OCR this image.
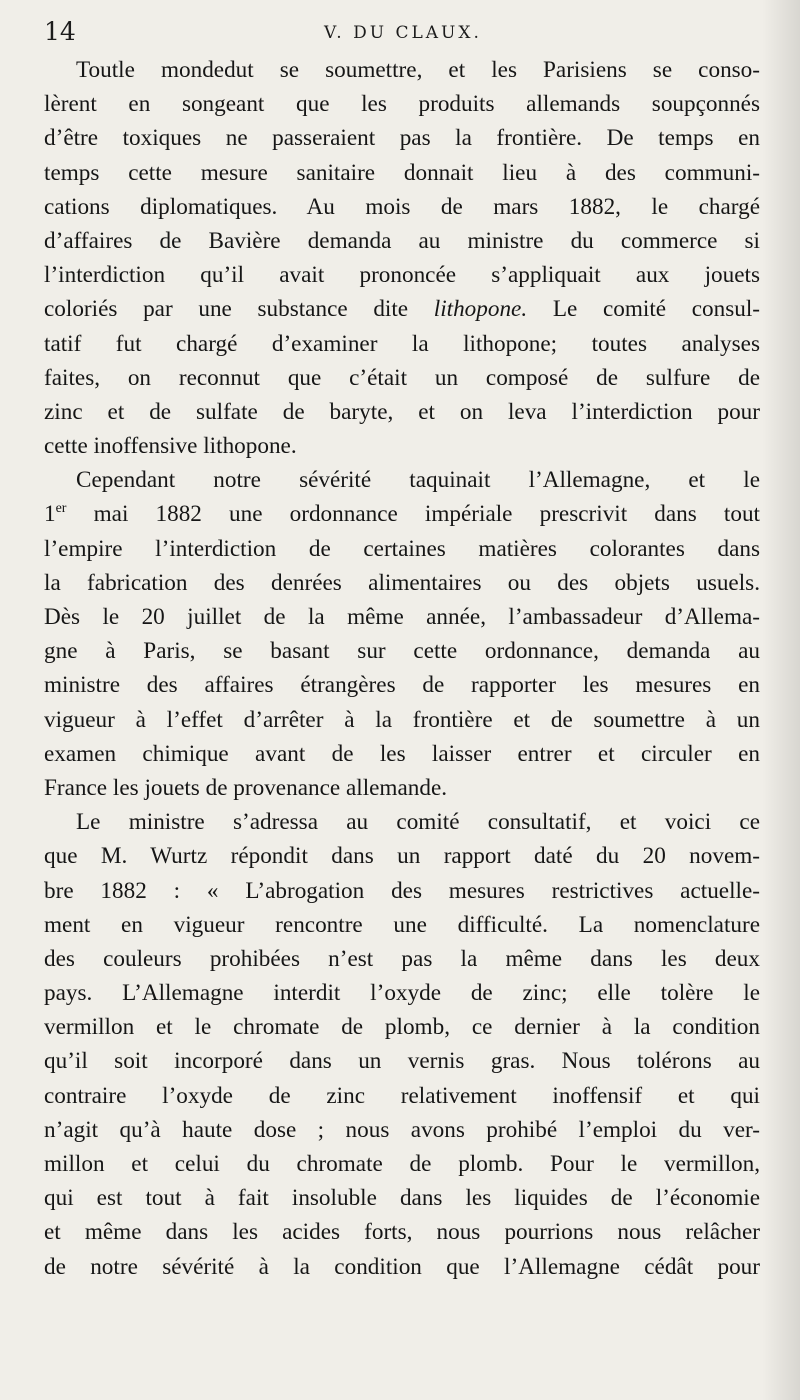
14	V. DU CLAUX.
Toutle mondedut se soumettre, et les Parisiens se conso-
lèrent en songeant que les produits allemands soupçonnés
d’être toxiques ne passeraient pas la frontière. De temps en
temps cette mesure sanitaire donnait lieu à des communi-
cations diplomatiques. Au mois de mars 1882, le chargé
d’affaires de Bavière demanda au ministre du commerce si
l’interdiction qu’il avait prononcée s’appliquait aux jouets
coloriés par une substance dite lithopone. Le comité consul-
tatif fut chargé d’examiner la lithopone; toutes analyses
faites, on reconnut que c’était un composé de sulfure de
zinc et de sulfate de baryte, et on leva l’interdiction pour
cette inoffensive lithopone.
Cependant notre sévérité taquinait l’Allemagne, et le
1er mai 1882 une ordonnance impériale prescrivit dans tout
l’empire l’interdiction de certaines matières colorantes dans
la fabrication des denrées alimentaires ou des objets usuels.
Dès le 20 juillet de la même année, l’ambassadeur d’Allema-
gne à Paris, se basant sur cette ordonnance, demanda au
ministre des affaires étrangères de rapporter les mesures en
vigueur à l’effet d’arrêter à la frontière et de soumettre à un
examen chimique avant de les laisser entrer et circuler en
France les jouets de provenance allemande.
Le ministre s’adressa au comité consultatif, et voici ce
que M. Wurtz répondit dans un rapport daté du 20 novem-
bre 1882 : « L’abrogation des mesures restrictives actuelle-
ment en vigueur rencontre une difficulté. La nomenclature
des couleurs prohibées n’est pas la même dans les deux
pays. L’Allemagne interdit l’oxyde de zinc; elle tolère le
vermillon et le chromate de plomb, ce dernier à la condition
qu’il soit incorporé dans un vernis gras. Nous tolérons au
contraire l’oxyde de zinc relativement inoffensif et qui
n’agit qu’à haute dose ; nous avons prohibé l’emploi du ver-
millon et celui du chromate de plomb. Pour le vermillon,
qui est tout à fait insoluble dans les liquides de l’économie
et même dans les acides forts, nous pourrions nous relâcher
de notre sévérité à la condition que l’Allemagne cédât pour
